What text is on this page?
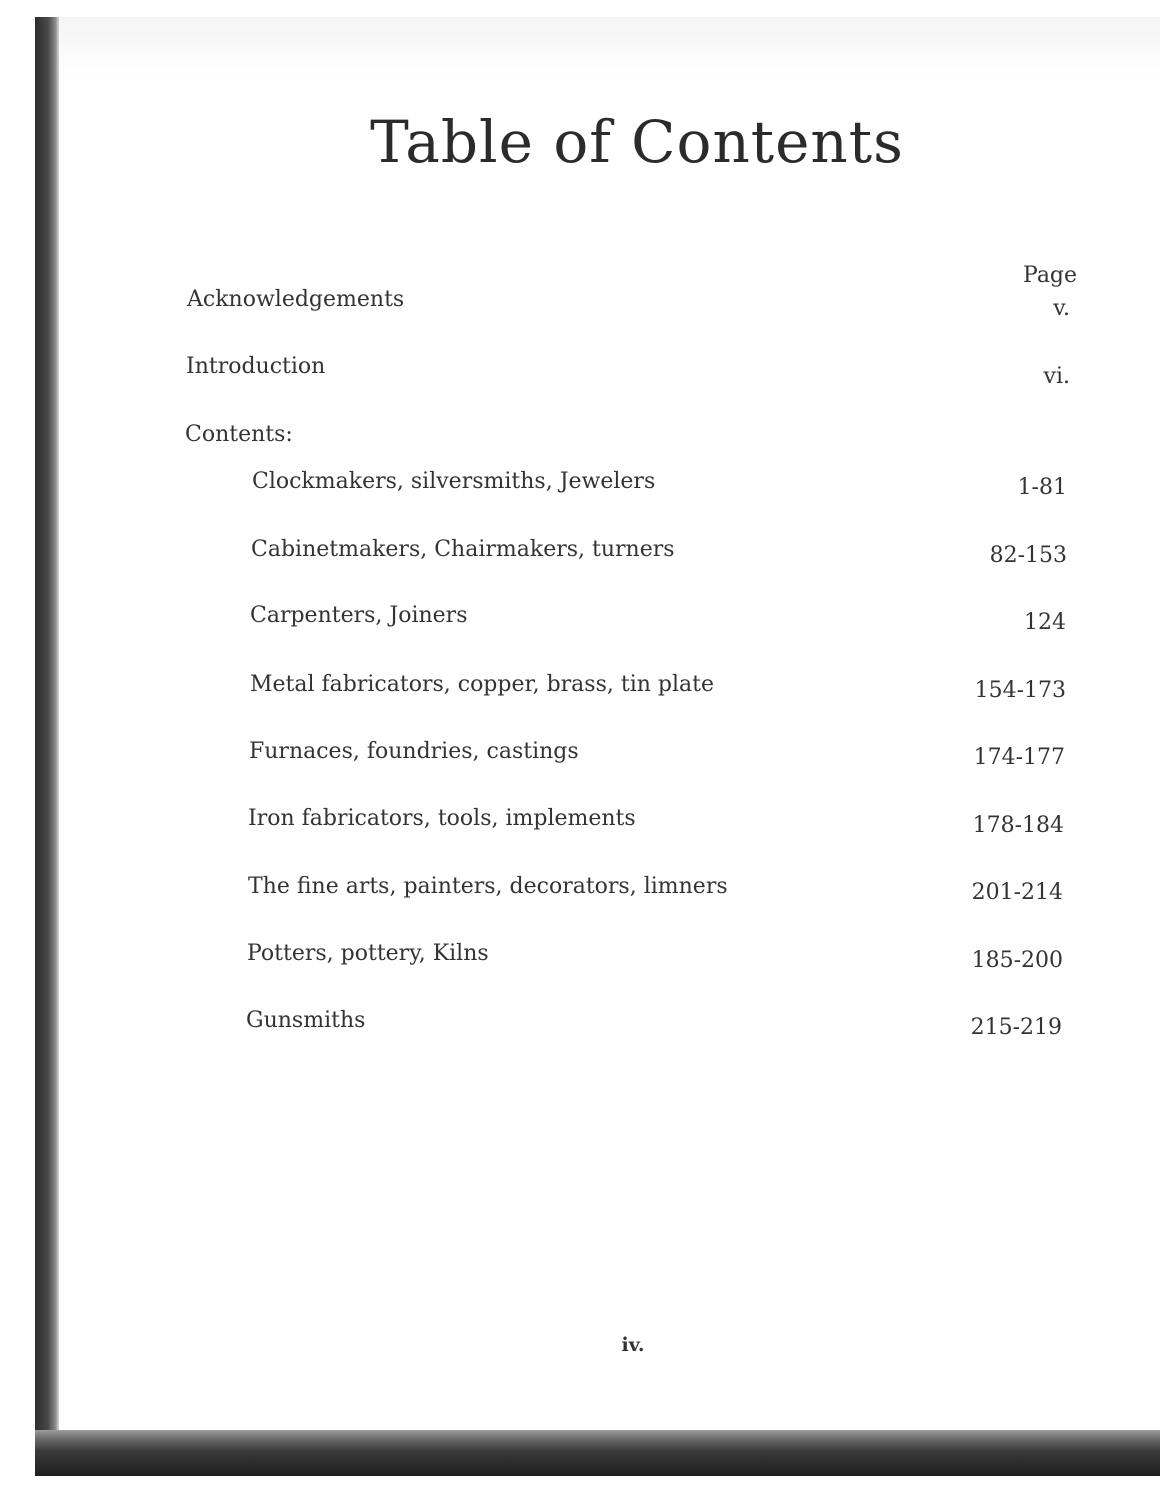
Table of Contents
Page
Acknowledgements	v.
Introduction	vi.
Contents:
Clockmakers, silversmiths, Jewelers	1-81
Cabinetmakers, Chairmakers, turners	82-153
Carpenters, Joiners	124
Metal fabricators, copper, brass, tin plate	154-173
Furnaces, foundries, castings	174-177
Iron fabricators, tools, implements	178-184
The fine arts, painters, decorators, limners	201-214
Potters, pottery, Kilns	185-200
Gunsmiths	215-219
iv.
